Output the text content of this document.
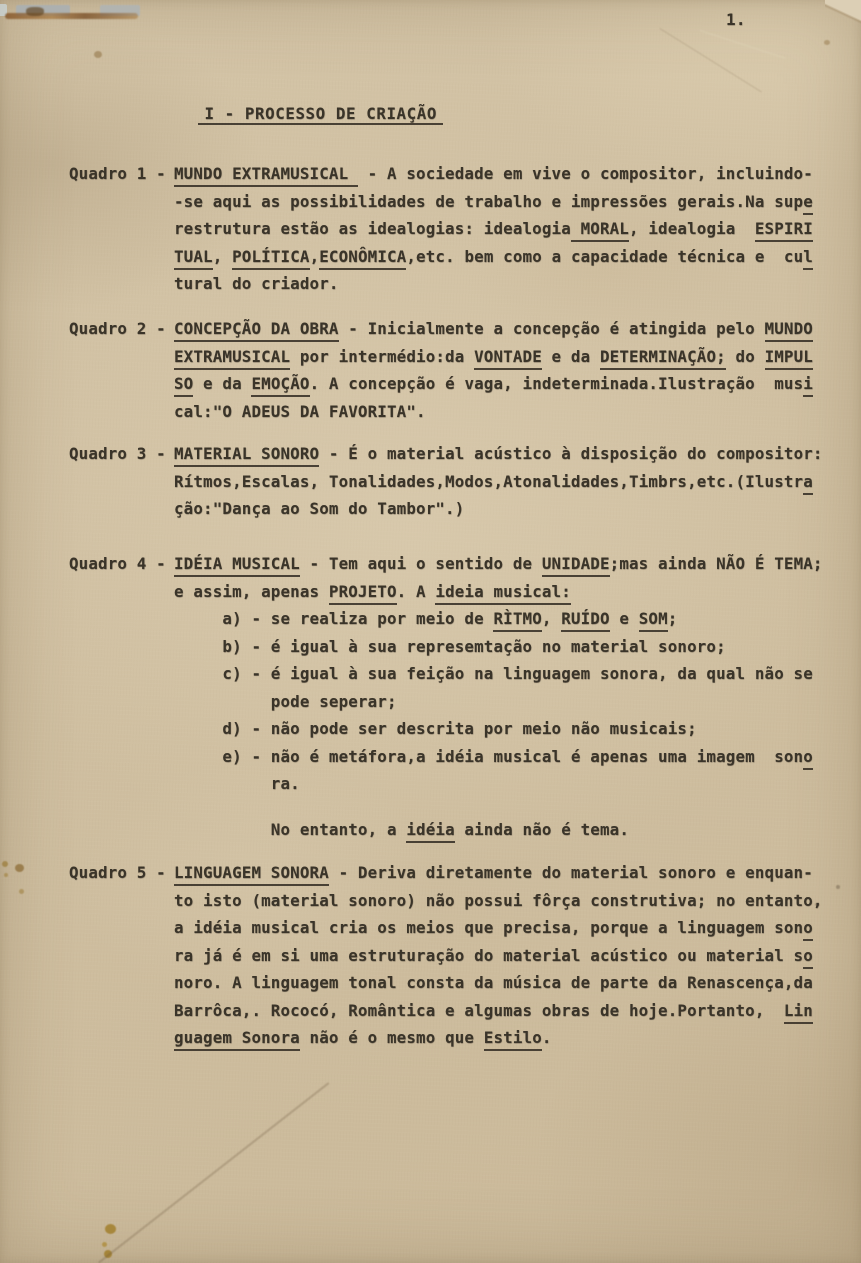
1.

I - PROCESSO DE CRIAÇÃO

Quadro 1 - MUNDO EXTRAMUSICAL  - A sociedade em vive o compositor, incluindo-
-se aqui as possibilidades de trabalho e impressões gerais.Na supe
restrutura estão as idealogias: idealogia MORAL, idealogia  ESPIRI
TUAL, POLÍTICA,ECONÔMICA,etc. bem como a capacidade técnica e  cul
tural do criador.
Quadro 2 - CONCEPÇÃO DA OBRA - Inicialmente a concepção é atingida pelo MUNDO
EXTRAMUSICAL por intermédio:da VONTADE e da DETERMINAÇÃO; do IMPUL
SO e da EMOÇÃO. A concepção é vaga, indeterminada.Ilustração  musi
cal:"O ADEUS DA FAVORITA".
Quadro 3 - MATERIAL SONORO - É o material acústico à disposição do compositor:
Rítmos,Escalas, Tonalidades,Modos,Atonalidades,Timbrs,etc.(Ilustra
ção:"Dança ao Som do Tambor".)
Quadro 4 - IDÉIA MUSICAL - Tem aqui o sentido de UNIDADE;mas ainda NÃO É TEMA;
e assim, apenas PROJETO. A ideia musical:
a) - se realiza por meio de RÌTMO, RUÍDO e SOM;
b) - é igual à sua represemtação no material sonoro;
c) - é igual à sua feição na linguagem sonora, da qual não se
pode seperar;
d) - não pode ser descrita por meio não musicais;
e) - não é metáfora,a idéia musical é apenas uma imagem  sono
ra.

No entanto, a idéia ainda não é tema.
Quadro 5 - LINGUAGEM SONORA - Deriva diretamente do material sonoro e enquan-
to isto (material sonoro) não possui fôrça construtiva; no entanto,
a idéia musical cria os meios que precisa, porque a linguagem sono
ra já é em si uma estruturação do material acústico ou material so
noro. A linguagem tonal consta da música de parte da Renascença,da
Barrôca,. Rococó, Romântica e algumas obras de hoje.Portanto,  Lin
guagem Sonora não é o mesmo que Estilo.
